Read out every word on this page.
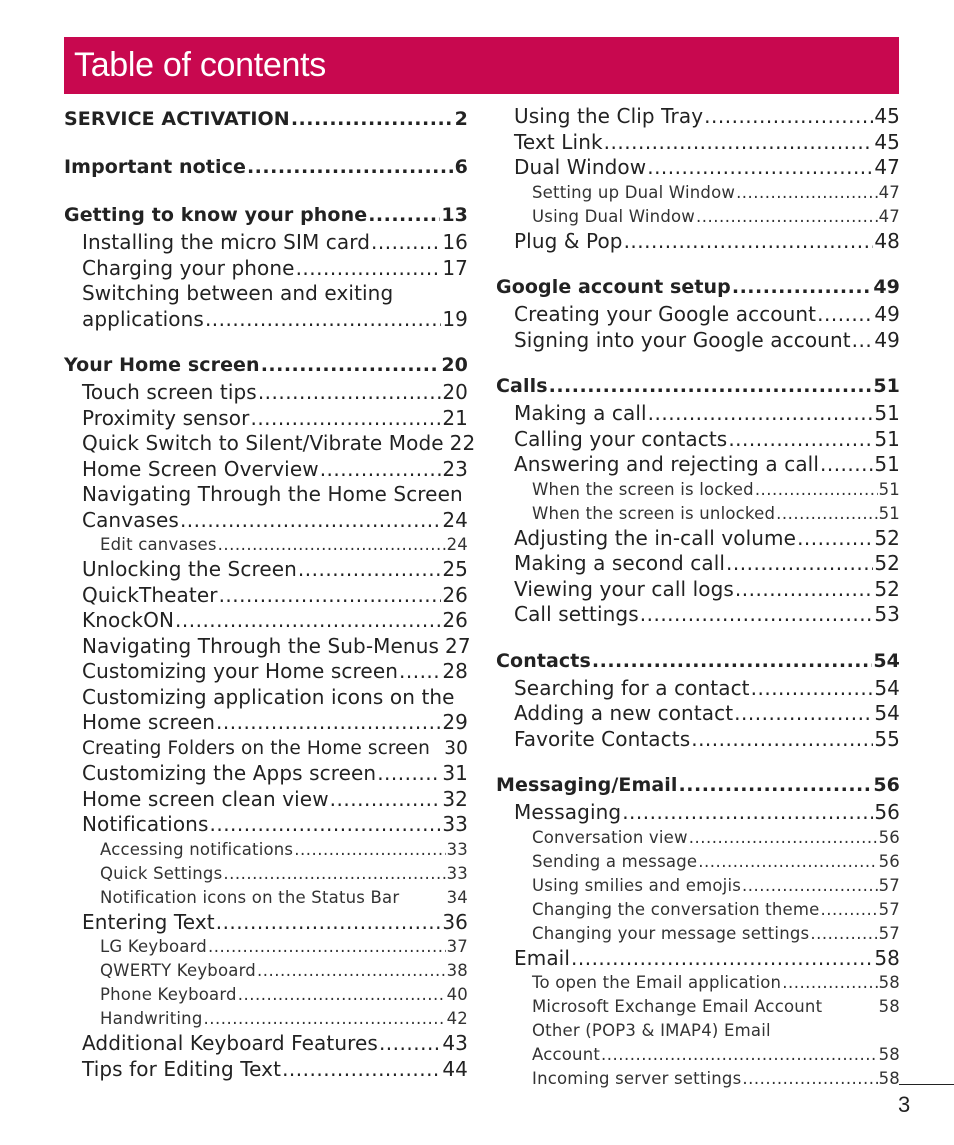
Table of contents
SERVICE ACTIVATION .....	2
Important notice .....	6
Getting to know your phone .....	13
Installing the micro SIM card .....	16
Charging your phone .....	17
Switching between and exiting
applications .....	19
Your Home screen .....	20
Touch screen tips .....	20
Proximity sensor .....	21
Quick Switch to Silent/Vibrate Mode 22
Home Screen Overview .....	23
Navigating Through the Home Screen
Canvases .....	24
Edit canvases .....	24
Unlocking the Screen .....	25
QuickTheater .....	26
KnockON .....	26
Navigating Through the Sub-Menus 27
Customizing your Home screen ..... 28
Customizing application icons on the
Home screen .....	29
Creating Folders on the Home screen 30
Customizing the Apps screen .....	31
Home screen clean view .....	32
Notifications .....	33
Accessing notifications .....	33
Quick Settings .....	33
Notification icons on the Status Bar	34
Entering Text .....	36
LG Keyboard .....	37
QWERTY Keyboard .....	38
Phone Keyboard .....	40
Handwriting .....	42
Additional Keyboard Features .....	43
Tips for Editing Text .....	44
Using the Clip Tray .....	45
Text Link .....	45
Dual Window .....	47
Setting up Dual Window .....	47
Using Dual Window .....	47
Plug & Pop .....	48
Google account setup .....	49
Creating your Google account .....	49
Signing into your Google account ..... 49
Calls .....	51
Making a call .....	51
Calling your contacts .....	51
Answering and rejecting a call .....	51
When the screen is locked .....	51
When the screen is unlocked .....	51
Adjusting the in-call volume .....	52
Making a second call .....	52
Viewing your call logs .....	52
Call settings .....	53
Contacts .....	54
Searching for a contact .....	54
Adding a new contact .....	54
Favorite Contacts .....	55
Messaging/Email .....	56
Messaging .....	56
Conversation view .....	56
Sending a message .....	56
Using smilies and emojis .....	57
Changing the conversation theme .....	57
Changing your message settings .....	57
Email .....	58
To open the Email application .....	58
Microsoft Exchange Email Account	58
Other (POP3 & IMAP4) Email
Account .....	58
Incoming server settings .....	58
3
